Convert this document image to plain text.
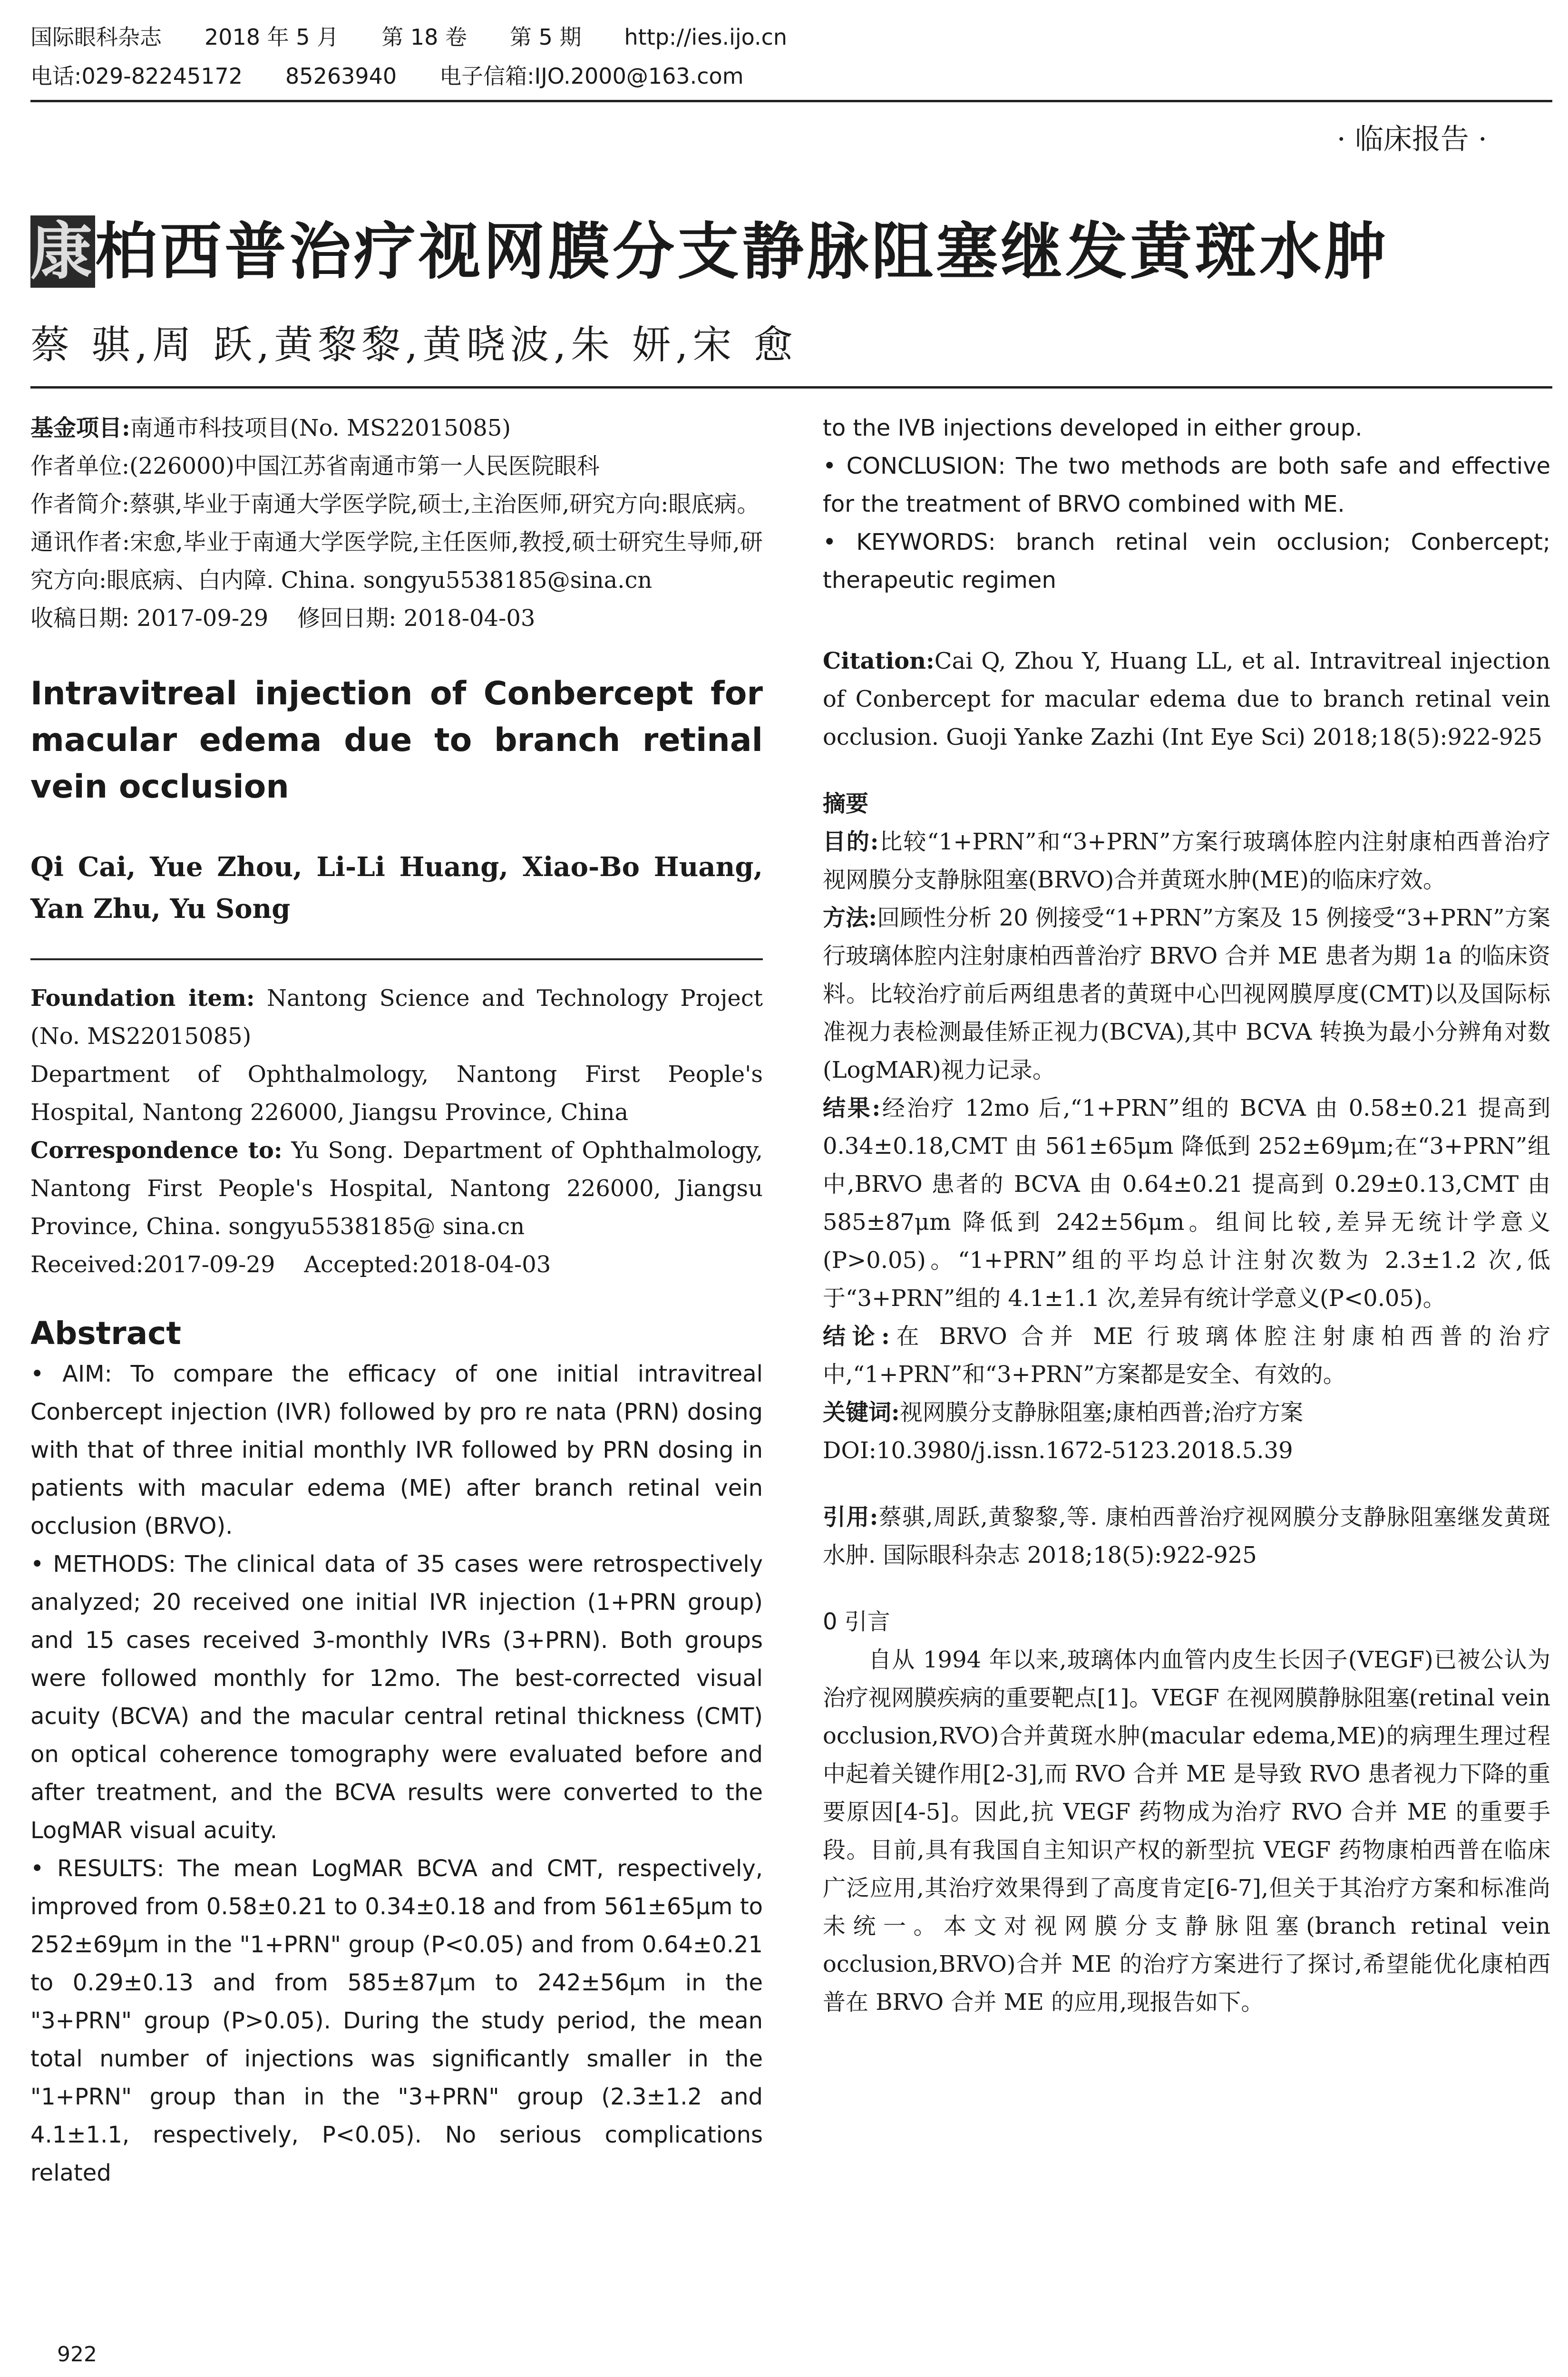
国际眼科杂志 2018 年 5 月 第 18 卷 第 5 期 http://ies.ijo.cn
电话:029-82245172 85263940 电子信箱:IJO.2000@163.com
· 临床报告 ·
康柏西普治疗视网膜分支静脉阻塞继发黄斑水肿
蔡 骐,周 跃,黄黎黎,黄晓波,朱 妍,宋 愈

基金项目:南通市科技项目(No. MS22015085)

作者单位:(226000)中国江苏省南通市第一人民医院眼科

作者简介:蔡骐,毕业于南通大学医学院,硕士,主治医师,研究方向:眼底病。

通讯作者:宋愈,毕业于南通大学医学院,主任医师,教授,硕士研究生导师,研究方向:眼底病、白内障. China. songyu5538185@sina.cn

收稿日期: 2017-09-29    修回日期: 2018-04-03

Intravitreal injection of Conbercept for macular edema due to branch retinal vein occlusion

Qi Cai, Yue Zhou, Li-Li Huang, Xiao-Bo Huang, Yan Zhu, Yu Song

Foundation item: Nantong Science and Technology Project (No. MS22015085)

Department of Ophthalmology, Nantong First People's Hospital, Nantong 226000, Jiangsu Province, China

Correspondence to: Yu Song. Department of Ophthalmology, Nantong First People's Hospital, Nantong 226000, Jiangsu Province, China. songyu5538185@ sina.cn

Received:2017-09-29    Accepted:2018-04-03

Abstract

• AIM: To compare the efficacy of one initial intravitreal Conbercept injection (IVR) followed by pro re nata (PRN) dosing with that of three initial monthly IVR followed by PRN dosing in patients with macular edema (ME) after branch retinal vein occlusion (BRVO).

• METHODS: The clinical data of 35 cases were retrospectively analyzed; 20 received one initial IVR injection (1+PRN group) and 15 cases received 3-monthly IVRs (3+PRN). Both groups were followed monthly for 12mo. The best-corrected visual acuity (BCVA) and the macular central retinal thickness (CMT) on optical coherence tomography were evaluated before and after treatment, and the BCVA results were converted to the LogMAR visual acuity.

• RESULTS: The mean LogMAR BCVA and CMT, respectively, improved from 0.58±0.21 to 0.34±0.18 and from 561±65μm to 252±69μm in the "1+PRN" group (P<0.05) and from 0.64±0.21 to 0.29±0.13 and from 585±87μm to 242±56μm in the "3+PRN" group (P>0.05). During the study period, the mean total number of injections was significantly smaller in the "1+PRN" group than in the "3+PRN" group (2.3±1.2 and 4.1±1.1, respectively, P<0.05). No serious complications related

to the IVB injections developed in either group.

• CONCLUSION: The two methods are both safe and effective for the treatment of BRVO combined with ME.

• KEYWORDS: branch retinal vein occlusion; Conbercept; therapeutic regimen

Citation:Cai Q, Zhou Y, Huang LL, et al. Intravitreal injection of Conbercept for macular edema due to branch retinal vein occlusion. Guoji Yanke Zazhi (Int Eye Sci) 2018;18(5):922-925

摘要

目的:比较“1+PRN”和“3+PRN”方案行玻璃体腔内注射康柏西普治疗视网膜分支静脉阻塞(BRVO)合并黄斑水肿(ME)的临床疗效。

方法:回顾性分析 20 例接受“1+PRN”方案及 15 例接受“3+PRN”方案行玻璃体腔内注射康柏西普治疗 BRVO 合并 ME 患者为期 1a 的临床资料。比较治疗前后两组患者的黄斑中心凹视网膜厚度(CMT)以及国际标准视力表检测最佳矫正视力(BCVA),其中 BCVA 转换为最小分辨角对数(LogMAR)视力记录。

结果:经治疗 12mo 后,“1+PRN”组的 BCVA 由 0.58±0.21 提高到 0.34±0.18,CMT 由 561±65μm 降低到 252±69μm;在“3+PRN”组中,BRVO 患者的 BCVA 由 0.64±0.21 提高到 0.29±0.13,CMT 由 585±87μm 降低到 242±56μm。组间比较,差异无统计学意义(P>0.05)。“1+PRN”组的平均总计注射次数为 2.3±1.2 次,低于“3+PRN”组的 4.1±1.1 次,差异有统计学意义(P<0.05)。

结论:在 BRVO 合并 ME 行玻璃体腔注射康柏西普的治疗中,“1+PRN”和“3+PRN”方案都是安全、有效的。

关键词:视网膜分支静脉阻塞;康柏西普;治疗方案

DOI:10.3980/j.issn.1672-5123.2018.5.39

引用:蔡骐,周跃,黄黎黎,等. 康柏西普治疗视网膜分支静脉阻塞继发黄斑水肿. 国际眼科杂志 2018;18(5):922-925

0 引言

自从 1994 年以来,玻璃体内血管内皮生长因子(VEGF)已被公认为治疗视网膜疾病的重要靶点[1]。VEGF 在视网膜静脉阻塞(retinal vein occlusion,RVO)合并黄斑水肿(macular edema,ME)的病理生理过程中起着关键作用[2-3],而 RVO 合并 ME 是导致 RVO 患者视力下降的重要原因[4-5]。因此,抗 VEGF 药物成为治疗 RVO 合并 ME 的重要手段。目前,具有我国自主知识产权的新型抗 VEGF 药物康柏西普在临床广泛应用,其治疗效果得到了高度肯定[6-7],但关于其治疗方案和标准尚未统一。本文对视网膜分支静脉阻塞(branch retinal vein occlusion,BRVO)合并 ME 的治疗方案进行了探讨,希望能优化康柏西普在 BRVO 合并 ME 的应用,现报告如下。

922
